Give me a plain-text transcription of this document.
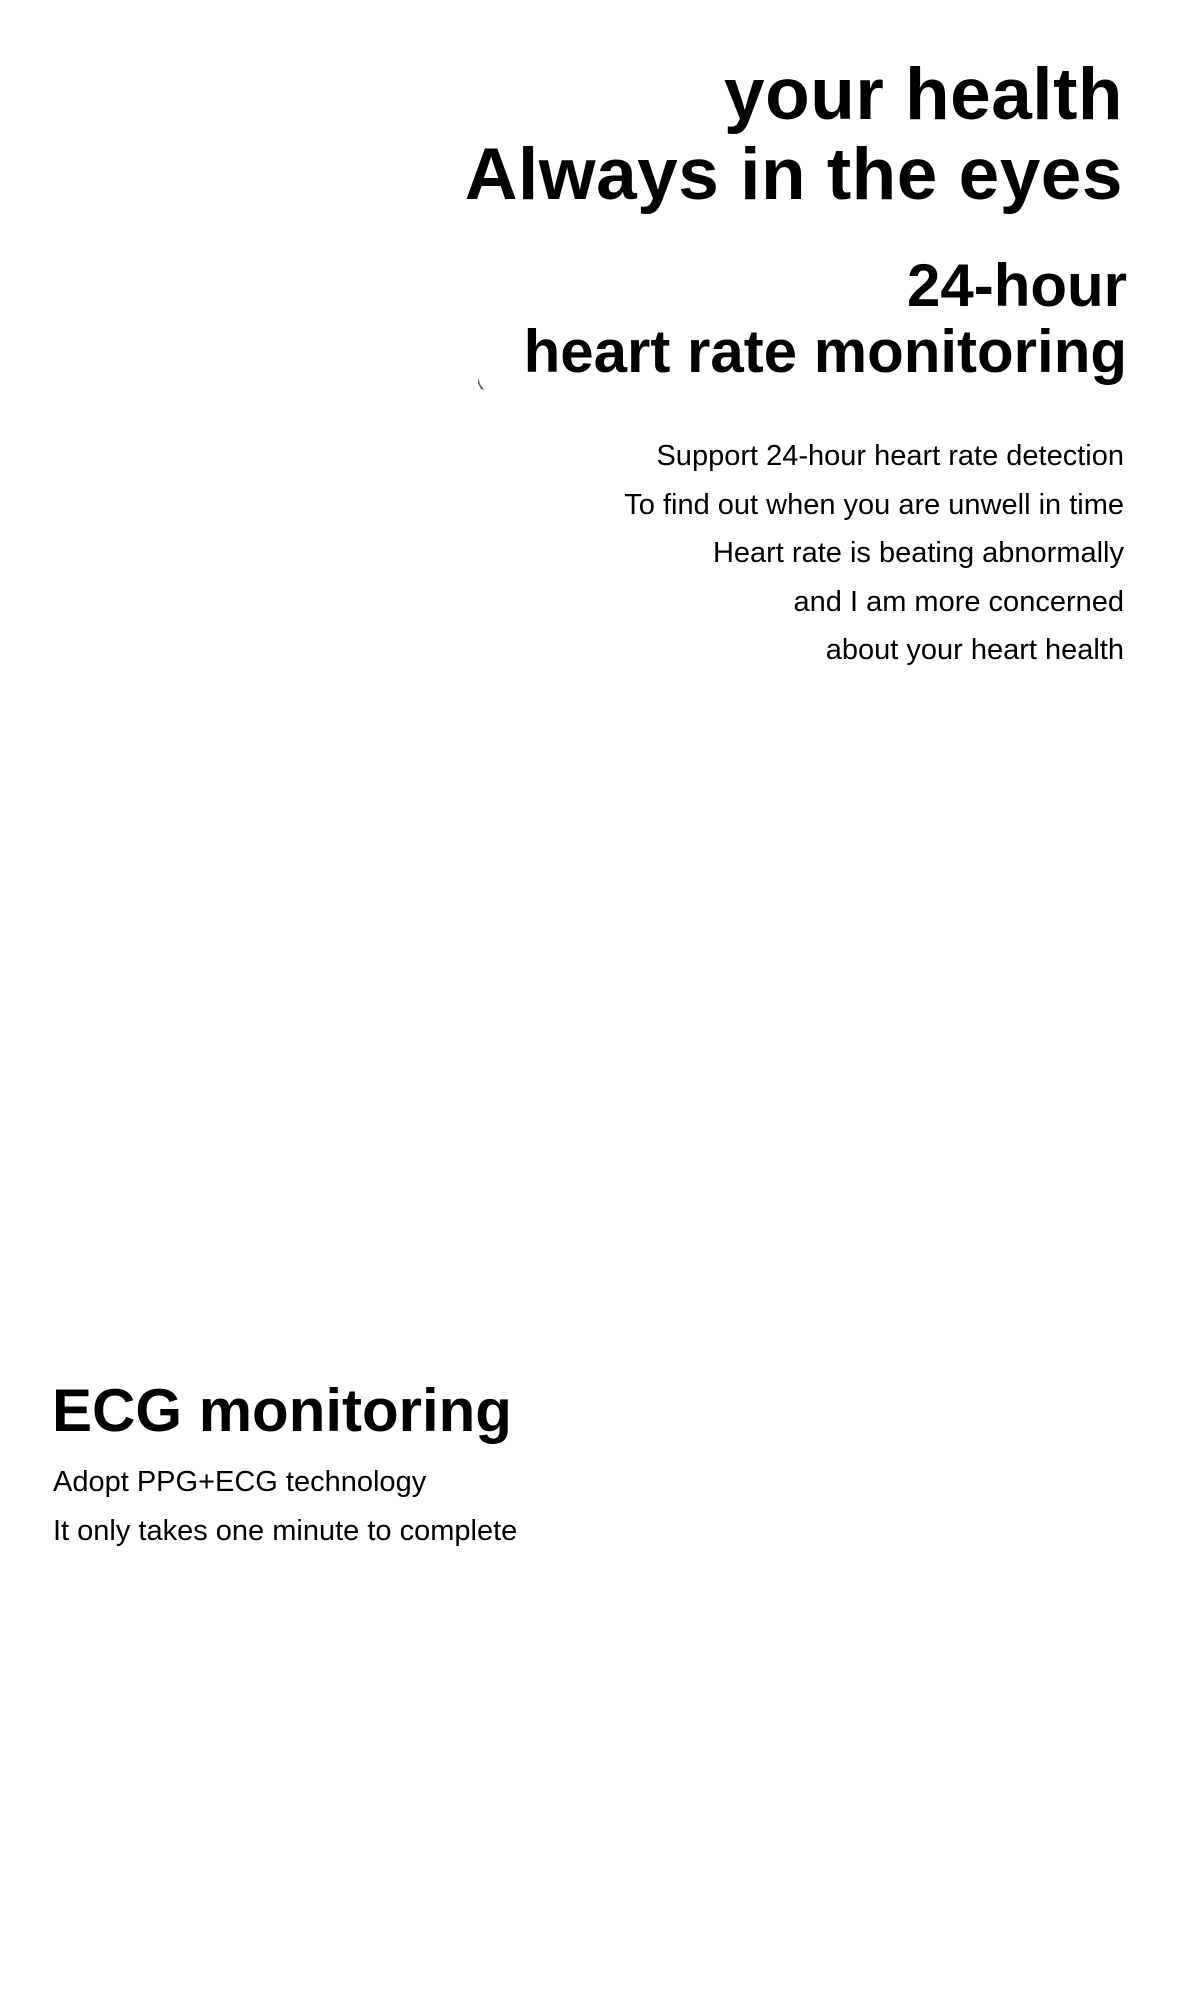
your health
Always in the eyes
24-hour
heart rate monitoring

Support 24-hour heart rate detection
To find out when you are unwell in time
Heart rate is beating abnormally
and I am more concerned
about your heart health

ECG monitoring

Adopt PPG+ECG technology
It only takes one minute to complete
